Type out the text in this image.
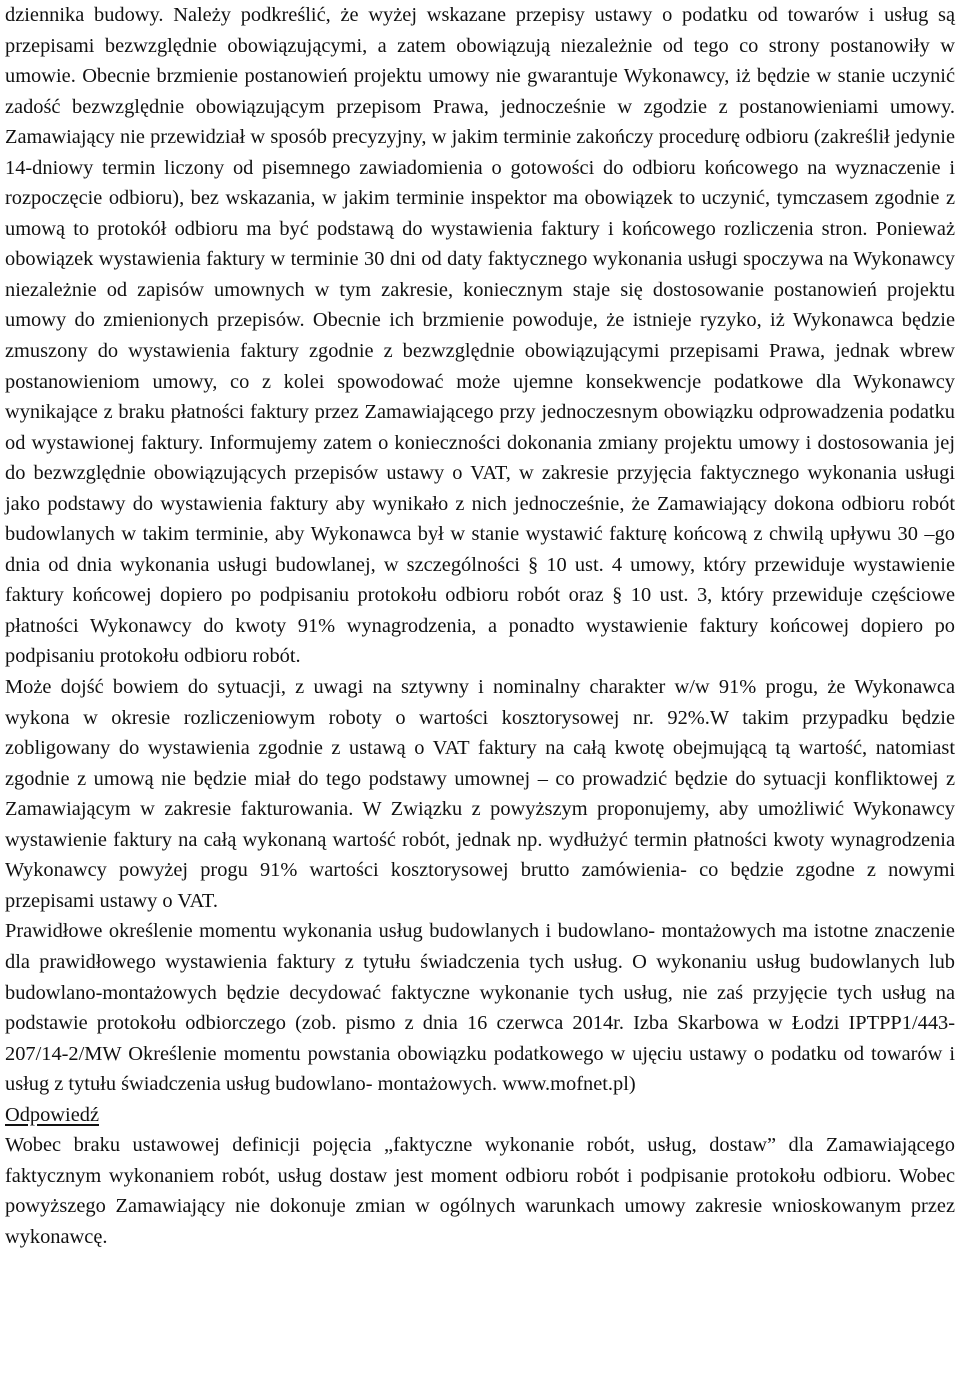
dziennika budowy. Należy podkreślić, że wyżej wskazane przepisy ustawy o podatku od towarów i usług są przepisami bezwzględnie obowiązującymi, a zatem obowiązują niezależnie od tego co strony postanowiły w umowie. Obecnie brzmienie postanowień projektu umowy nie gwarantuje Wykonawcy, iż będzie w stanie uczynić zadość bezwzględnie obowiązującym przepisom Prawa, jednocześnie w zgodzie z postanowieniami umowy. Zamawiający nie przewidział w sposób precyzyjny, w jakim terminie zakończy procedurę odbioru (zakreślił jedynie 14-dniowy termin liczony od pisemnego zawiadomienia o gotowości do odbioru końcowego na wyznaczenie i rozpoczęcie odbioru), bez wskazania, w jakim terminie inspektor ma obowiązek to uczynić, tymczasem zgodnie z umową to protokół odbioru ma być podstawą do wystawienia faktury i końcowego rozliczenia stron. Ponieważ obowiązek wystawienia faktury w terminie 30 dni od daty faktycznego wykonania usługi spoczywa na Wykonawcy niezależnie od zapisów umownych w tym zakresie, koniecznym staje się dostosowanie postanowień projektu umowy do zmienionych przepisów. Obecnie ich brzmienie powoduje, że istnieje ryzyko, iż Wykonawca będzie zmuszony do wystawienia faktury zgodnie z bezwzględnie obowiązującymi przepisami Prawa, jednak wbrew postanowieniom umowy, co z kolei spowodować może ujemne konsekwencje podatkowe dla Wykonawcy wynikające z braku płatności faktury przez Zamawiającego przy jednoczesnym obowiązku odprowadzenia podatku od wystawionej faktury. Informujemy zatem o konieczności dokonania zmiany projektu umowy i dostosowania jej do bezwzględnie obowiązujących przepisów ustawy o VAT, w zakresie przyjęcia faktycznego wykonania usługi jako podstawy do wystawienia faktury aby wynikało z nich jednocześnie, że Zamawiający dokona odbioru robót budowlanych w takim terminie, aby Wykonawca był w stanie wystawić fakturę końcową z chwilą upływu 30 –go dnia od dnia wykonania usługi budowlanej, w szczególności § 10 ust. 4 umowy, który przewiduje wystawienie faktury końcowej dopiero po podpisaniu protokołu odbioru robót oraz § 10 ust. 3, który przewiduje częściowe płatności Wykonawcy do kwoty 91% wynagrodzenia, a ponadto wystawienie faktury końcowej dopiero po podpisaniu protokołu odbioru robót.

Może dojść bowiem do sytuacji, z uwagi na sztywny i nominalny charakter w/w 91% progu, że Wykonawca wykona w okresie rozliczeniowym roboty o wartości kosztorysowej nr. 92%.W takim przypadku będzie zobligowany do wystawienia zgodnie z ustawą o VAT faktury na całą kwotę obejmującą tą wartość, natomiast zgodnie z umową nie będzie miał do tego podstawy umownej – co prowadzić będzie do sytuacji konfliktowej z Zamawiającym w zakresie fakturowania. W Związku z powyższym proponujemy, aby umożliwić Wykonawcy wystawienie faktury na całą wykonaną wartość robót, jednak np. wydłużyć termin płatności kwoty wynagrodzenia Wykonawcy powyżej progu 91% wartości kosztorysowej brutto zamówienia- co będzie zgodne z nowymi przepisami ustawy o VAT.

Prawidłowe określenie momentu wykonania usług budowlanych i budowlano- montażowych ma istotne znaczenie dla prawidłowego wystawienia faktury z tytułu świadczenia tych usług. O wykonaniu usług budowlanych lub budowlano-montażowych będzie decydować faktyczne wykonanie tych usług, nie zaś przyjęcie tych usług na podstawie protokołu odbiorczego (zob. pismo z dnia 16 czerwca 2014r. Izba Skarbowa w Łodzi IPTPP1/443-207/14-2/MW Określenie momentu powstania obowiązku podatkowego w ujęciu ustawy o podatku od towarów i usług z tytułu świadczenia usług budowlano- montażowych. www.mofnet.pl)

Odpowiedź

Wobec braku ustawowej definicji pojęcia „faktyczne wykonanie robót, usług, dostaw” dla Zamawiającego faktycznym wykonaniem robót, usług dostaw jest moment odbioru robót i podpisanie protokołu odbioru. Wobec powyższego Zamawiający nie dokonuje zmian w ogólnych warunkach umowy zakresie wnioskowanym przez wykonawcę.
